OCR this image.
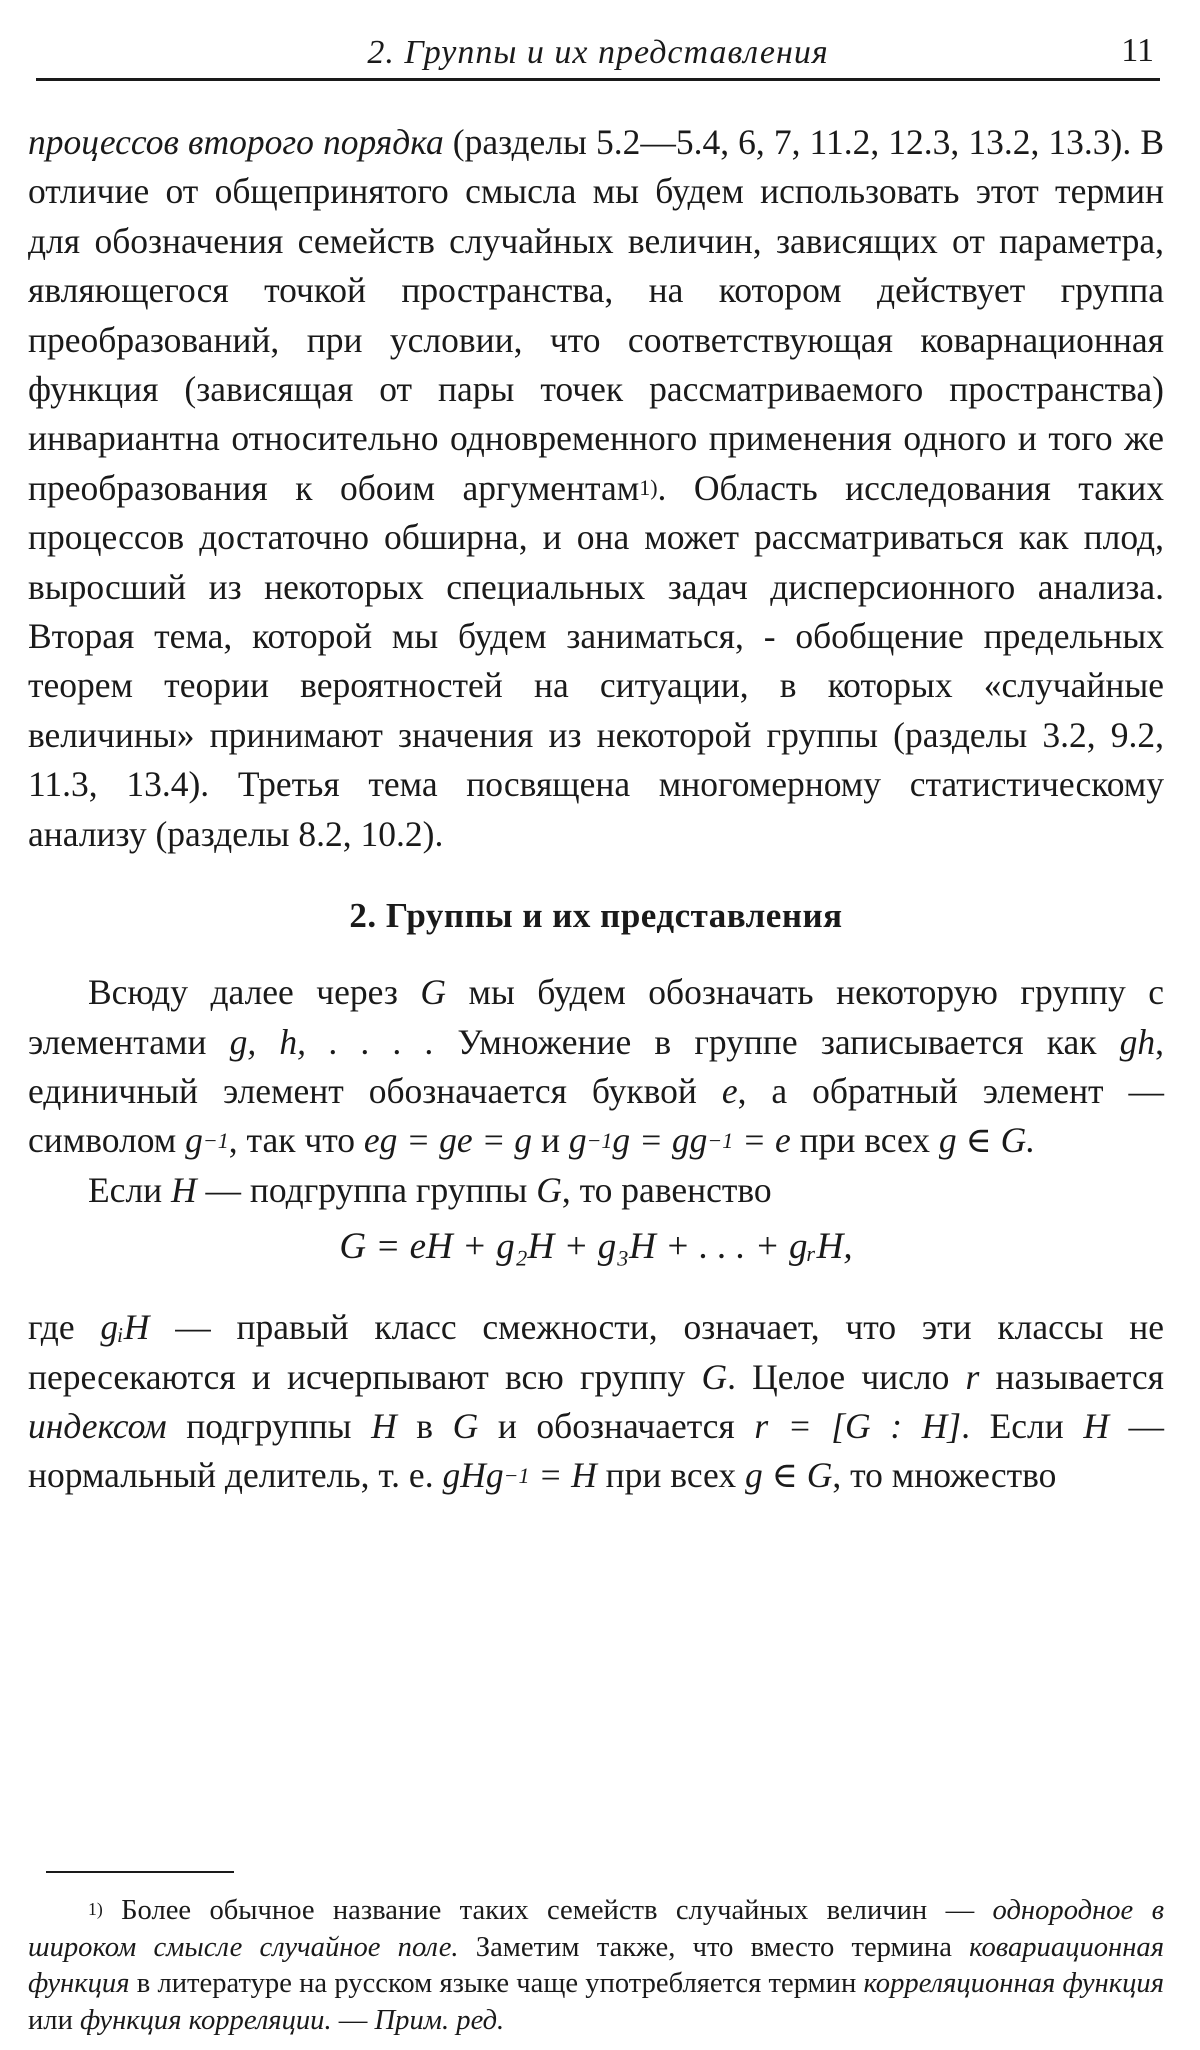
2. Группы и их представления	11

процессов второго порядка (разделы 5.2—5.4, 6, 7, 11.2, 12.3, 13.2, 13.3). В отличие от общепринятого смысла мы будем использовать этот термин для обозначения семейств случайных величин, зависящих от параметра, являющегося точкой пространства, на котором действует группа преобразований, при условии, что соответствующая коварнационная функция (зависящая от пары точек рассматриваемого пространства) инвариантна относительно одновременного применения одного и того же преобразования к обоим аргументам$^{1)}$. Область исследования таких процессов достаточно обширна, и она может рассматриваться как плод, выросший из некоторых специальных задач дисперсионного анализа. Вторая тема, которой мы будем заниматься, - обобщение предельных теорем теории вероятностей на ситуации, в которых «случайные величины» принимают значения из некоторой группы (разделы 3.2, 9.2, 11.3, 13.4). Третья тема посвящена многомерному статистическому анализу (разделы 8.2, 10.2).

2. Группы и их представления

Всюду далее через G мы будем обозначать некоторую группу с элементами g, h, . . . . Умножение в группе записывается как gh, единичный элемент обозначается буквой e, а обратный элемент — символом $g^{-1}$, так что eg = ge = g и $g^{-1}g = gg^{-1} = e$ при всех g ∈ G.

Если H — подгруппа группы G, то равенство

G = eH + g₂H + g₃H + . . . + gᵣH,

где gᵢH — правый класс смежности, означает, что эти классы не пересекаются и исчерпывают всю группу G. Целое число r называется индексом подгруппы H в G и обозначается r = [G : H]. Если H — нормальный делитель, т. е. gHg$^{-1}$ = H при всех g ∈ G, то множество

$^{1)}$ Более обычное название таких семейств случайных величин — однородное в широком смысле случайное поле. Заметим также, что вместо термина ковариационная функция в литературе на русском языке чаще употребляется термин корреляционная функция или функция корреляции. — Прим. ред.
